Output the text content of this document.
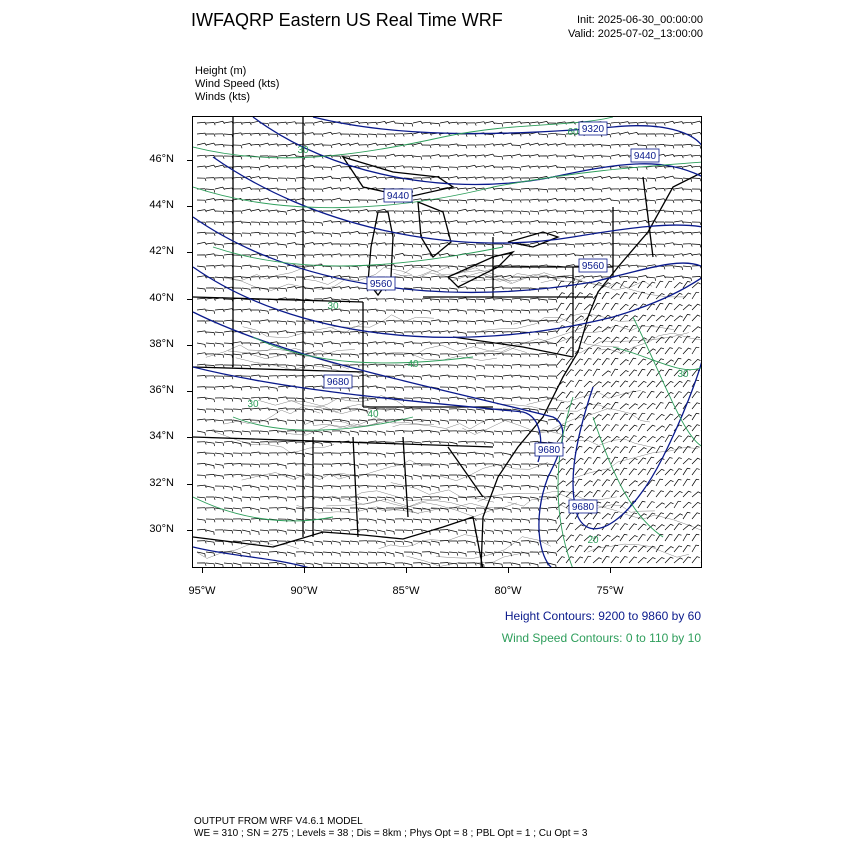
IWFAQRP Eastern US Real Time WRF	Init: 2025-06-30_00:00:00
Valid: 2025-07-02_13:00:00
Height (m)
Wind Speed (kts)
Winds (kts)
9320
9440
9440
9560
9560
9680
9680
9680
60
30
30
40
30
30
40
20
46°N
44°N
42°N
40°N
38°N
36°N
34°N
32°N
30°N
95°W	90°W	85°W	80°W	75°W
Height Contours: 9200 to 9860 by 60
Wind Speed Contours: 0 to 110 by 10
OUTPUT FROM WRF V4.6.1 MODEL
WE = 310 ; SN = 275 ; Levels = 38 ; Dis = 8km ; Phys Opt = 8 ; PBL Opt = 1 ; Cu Opt = 3
